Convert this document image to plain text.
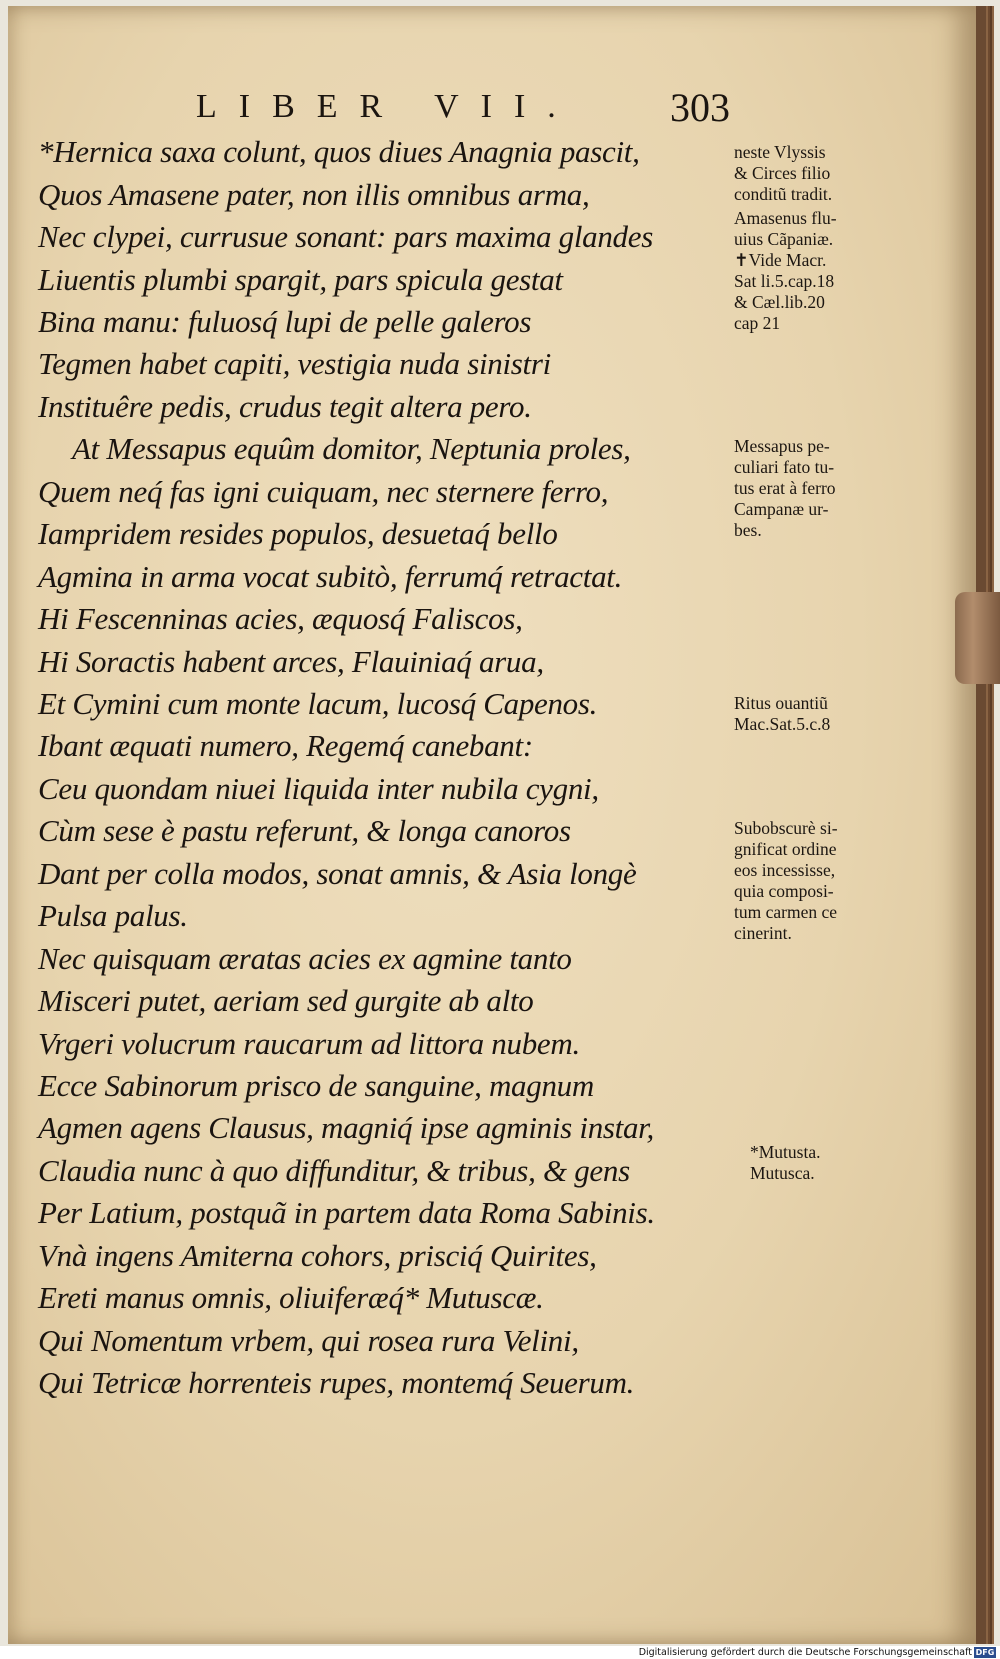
LIBER VII. 303
*Hernica saxa colunt, quos diues Anagnia pascit,
Quos Amasene pater, non illis omnibus arma,
Nec clypei, currusue sonant: pars maxima glandes
Liuentis plumbi spargit, pars spicula gestat
Bina manu: fuluosq́ lupi de pelle galeros
Tegmen habet capiti, vestigia nuda sinistri
Instituêre pedis, crudus tegit altera pero.
At Messapus equûm domitor, Neptunia proles,
Quem neq́ fas igni cuiquam, nec sternere ferro,
Iampridem resides populos, desuetaq́ bello
Agmina in arma vocat subitò, ferrumq́ retractat.
Hi Fescenninas acies, æquosq́ Faliscos,
Hi Soractis habent arces, Flauiniaq́ arua,
Et Cymini cum monte lacum, lucosq́ Capenos.
Ibant æquati numero, Regemq́ canebant:
Ceu quondam niuei liquida inter nubila cygni,
Cùm sese è pastu referunt, & longa canoros
Dant per colla modos, sonat amnis, & Asia longè
Pulsa palus.
Nec quisquam æratas acies ex agmine tanto
Misceri putet, aeriam sed gurgite ab alto
Vrgeri volucrum raucarum ad littora nubem.
Ecce Sabinorum prisco de sanguine, magnum
Agmen agens Clausus, magniq́ ipse agminis instar,
Claudia nunc à quo diffunditur, & tribus, & gens
Per Latium, postquã in partem data Roma Sabinis.
Vnà ingens Amiterna cohors, prisciq́ Quirites,
Ereti manus omnis, oliuiferæq́* Mutuscæ.
Qui Nomentum vrbem, qui rosea rura Velini,
Qui Tetricæ horrenteis rupes, montemq́ Seuerum.
neste Vlyssis
& Circes filio
conditũ tradit.
Amasenus flu-
uius Cãpaniæ.
✝Vide Macr.
Sat li.5.cap.18
& Cæl.lib.20
cap 21
Messapus pe-
culiari fato tu-
tus erat à ferro
Campanæ ur-
bes.
Ritus ouantiũ
Mac.Sat.5.c.8
Subobscurè si-
gnificat ordine
eos incessisse,
quia composi-
tum carmen ce
cinerint.
*Mutusta.
Mutusca.
Digitalisierung gefördert durch die Deutsche Forschungsgemeinschaft DFG
